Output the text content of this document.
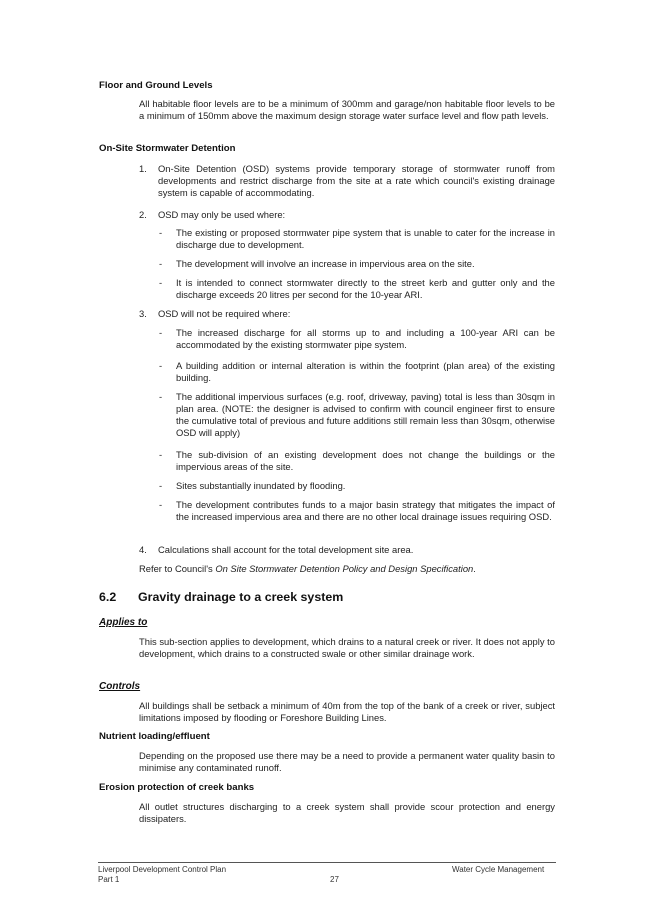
Floor and Ground Levels
All habitable floor levels are to be a minimum of 300mm and garage/non habitable floor levels to be a minimum of 150mm above the maximum design storage water surface level and flow path levels.
On-Site Stormwater Detention
1. On-Site Detention (OSD) systems provide temporary storage of stormwater runoff from developments and restrict discharge from the site at a rate which council's existing drainage system is capable of accommodating.
2. OSD may only be used where:
- The existing or proposed stormwater pipe system that is unable to cater for the increase in discharge due to development.
- The development will involve an increase in impervious area on the site.
- It is intended to connect stormwater directly to the street kerb and gutter only and the discharge exceeds 20 litres per second for the 10-year ARI.
3. OSD will not be required where:
- The increased discharge for all storms up to and including a 100-year ARI can be accommodated by the existing stormwater pipe system.
- A building addition or internal alteration is within the footprint (plan area) of the existing building.
- The additional impervious surfaces (e.g. roof, driveway, paving) total is less than 30sqm in plan area. (NOTE: the designer is advised to confirm with council engineer first to ensure the cumulative total of previous and future additions still remain less than 30sqm, otherwise OSD will apply)
- The sub-division of an existing development does not change the buildings or the impervious areas of the site.
- Sites substantially inundated by flooding.
- The development contributes funds to a major basin strategy that mitigates the impact of the increased impervious area and there are no other local drainage issues requiring OSD.
4. Calculations shall account for the total development site area.
Refer to Council's On Site Stormwater Detention Policy and Design Specification.
6.2 Gravity drainage to a creek system
Applies to
This sub-section applies to development, which drains to a natural creek or river. It does not apply to development, which drains to a constructed swale or other similar drainage work.
Controls
All buildings shall be setback a minimum of 40m from the top of the bank of a creek or river, subject limitations imposed by flooding or Foreshore Building Lines.
Nutrient loading/effluent
Depending on the proposed use there may be a need to provide a permanent water quality basin to minimise any contaminated runoff.
Erosion protection of creek banks
All outlet structures discharging to a creek system shall provide scour protection and energy dissipaters.
Liverpool Development Control Plan
Part 1	27
Water Cycle Management
